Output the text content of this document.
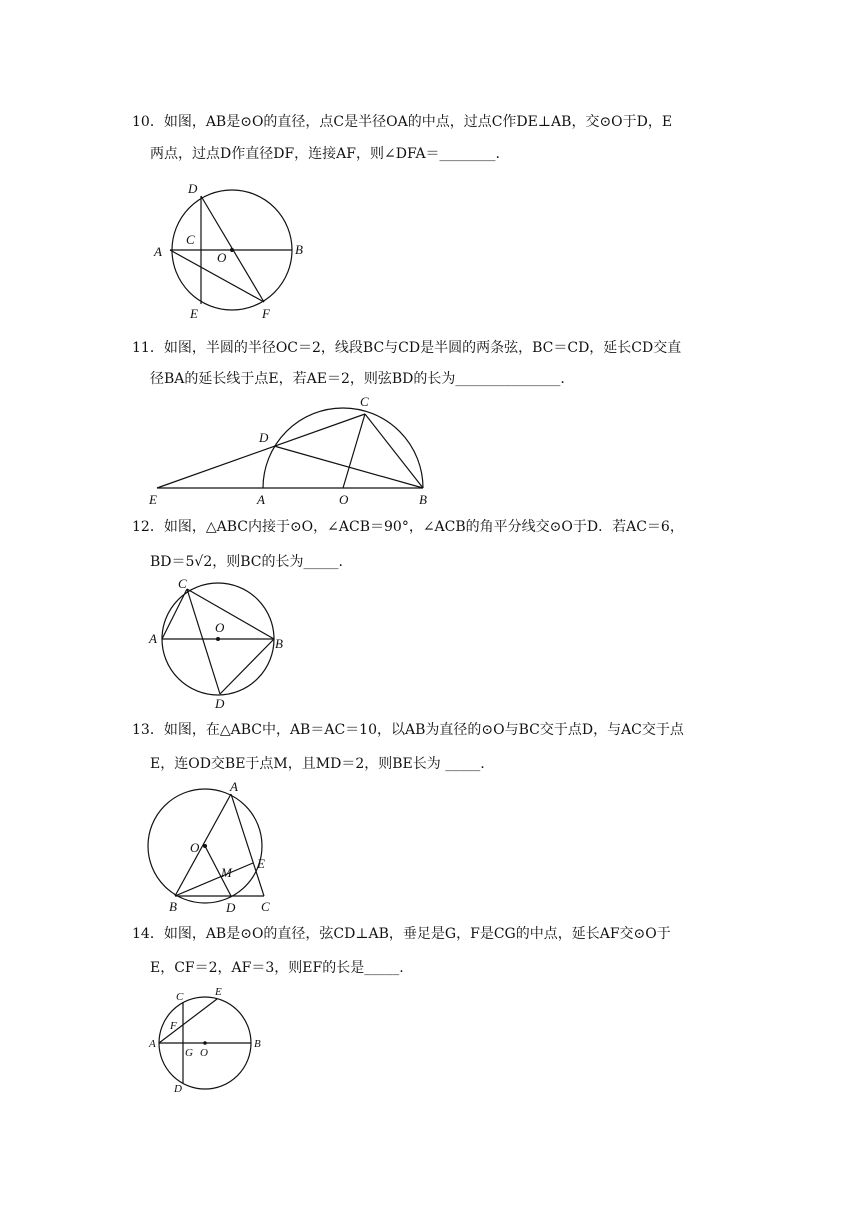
10．如图，AB是⊙O的直径，点C是半径OA的中点，过点C作DE⊥AB，交⊙O于D，E
两点，过点D作直径DF，连接AF，则∠DFA＝________.
A	B
C
D
E	F
O
11．如图，半圆的半径OC＝2，线段BC与CD是半圆的两条弦，BC＝CD，延长CD交直
径BA的延长线于点E，若AE＝2，则弦BD的长为_______________.
E	A	O	B
C
D
12．如图，△ABC内接于⊙O，∠ACB＝90°，∠ACB的角平分线交⊙O于D．若AC＝6，
BD＝5√2，则BC的长为_____.
A	B
C
D
O
13．如图，在△ABC中，AB＝AC＝10，以AB为直径的⊙O与BC交于点D，与AC交于点
E，连OD交BE于点M，且MD＝2，则BE长为 _____.
A
B	C
D
E
M
O
14．如图，AB是⊙O的直径，弦CD⊥AB，垂足是G，F是CG的中点，延长AF交⊙O于
E，CF＝2，AF＝3，则EF的长是_____.
A	B
C
D
E
F
G O
